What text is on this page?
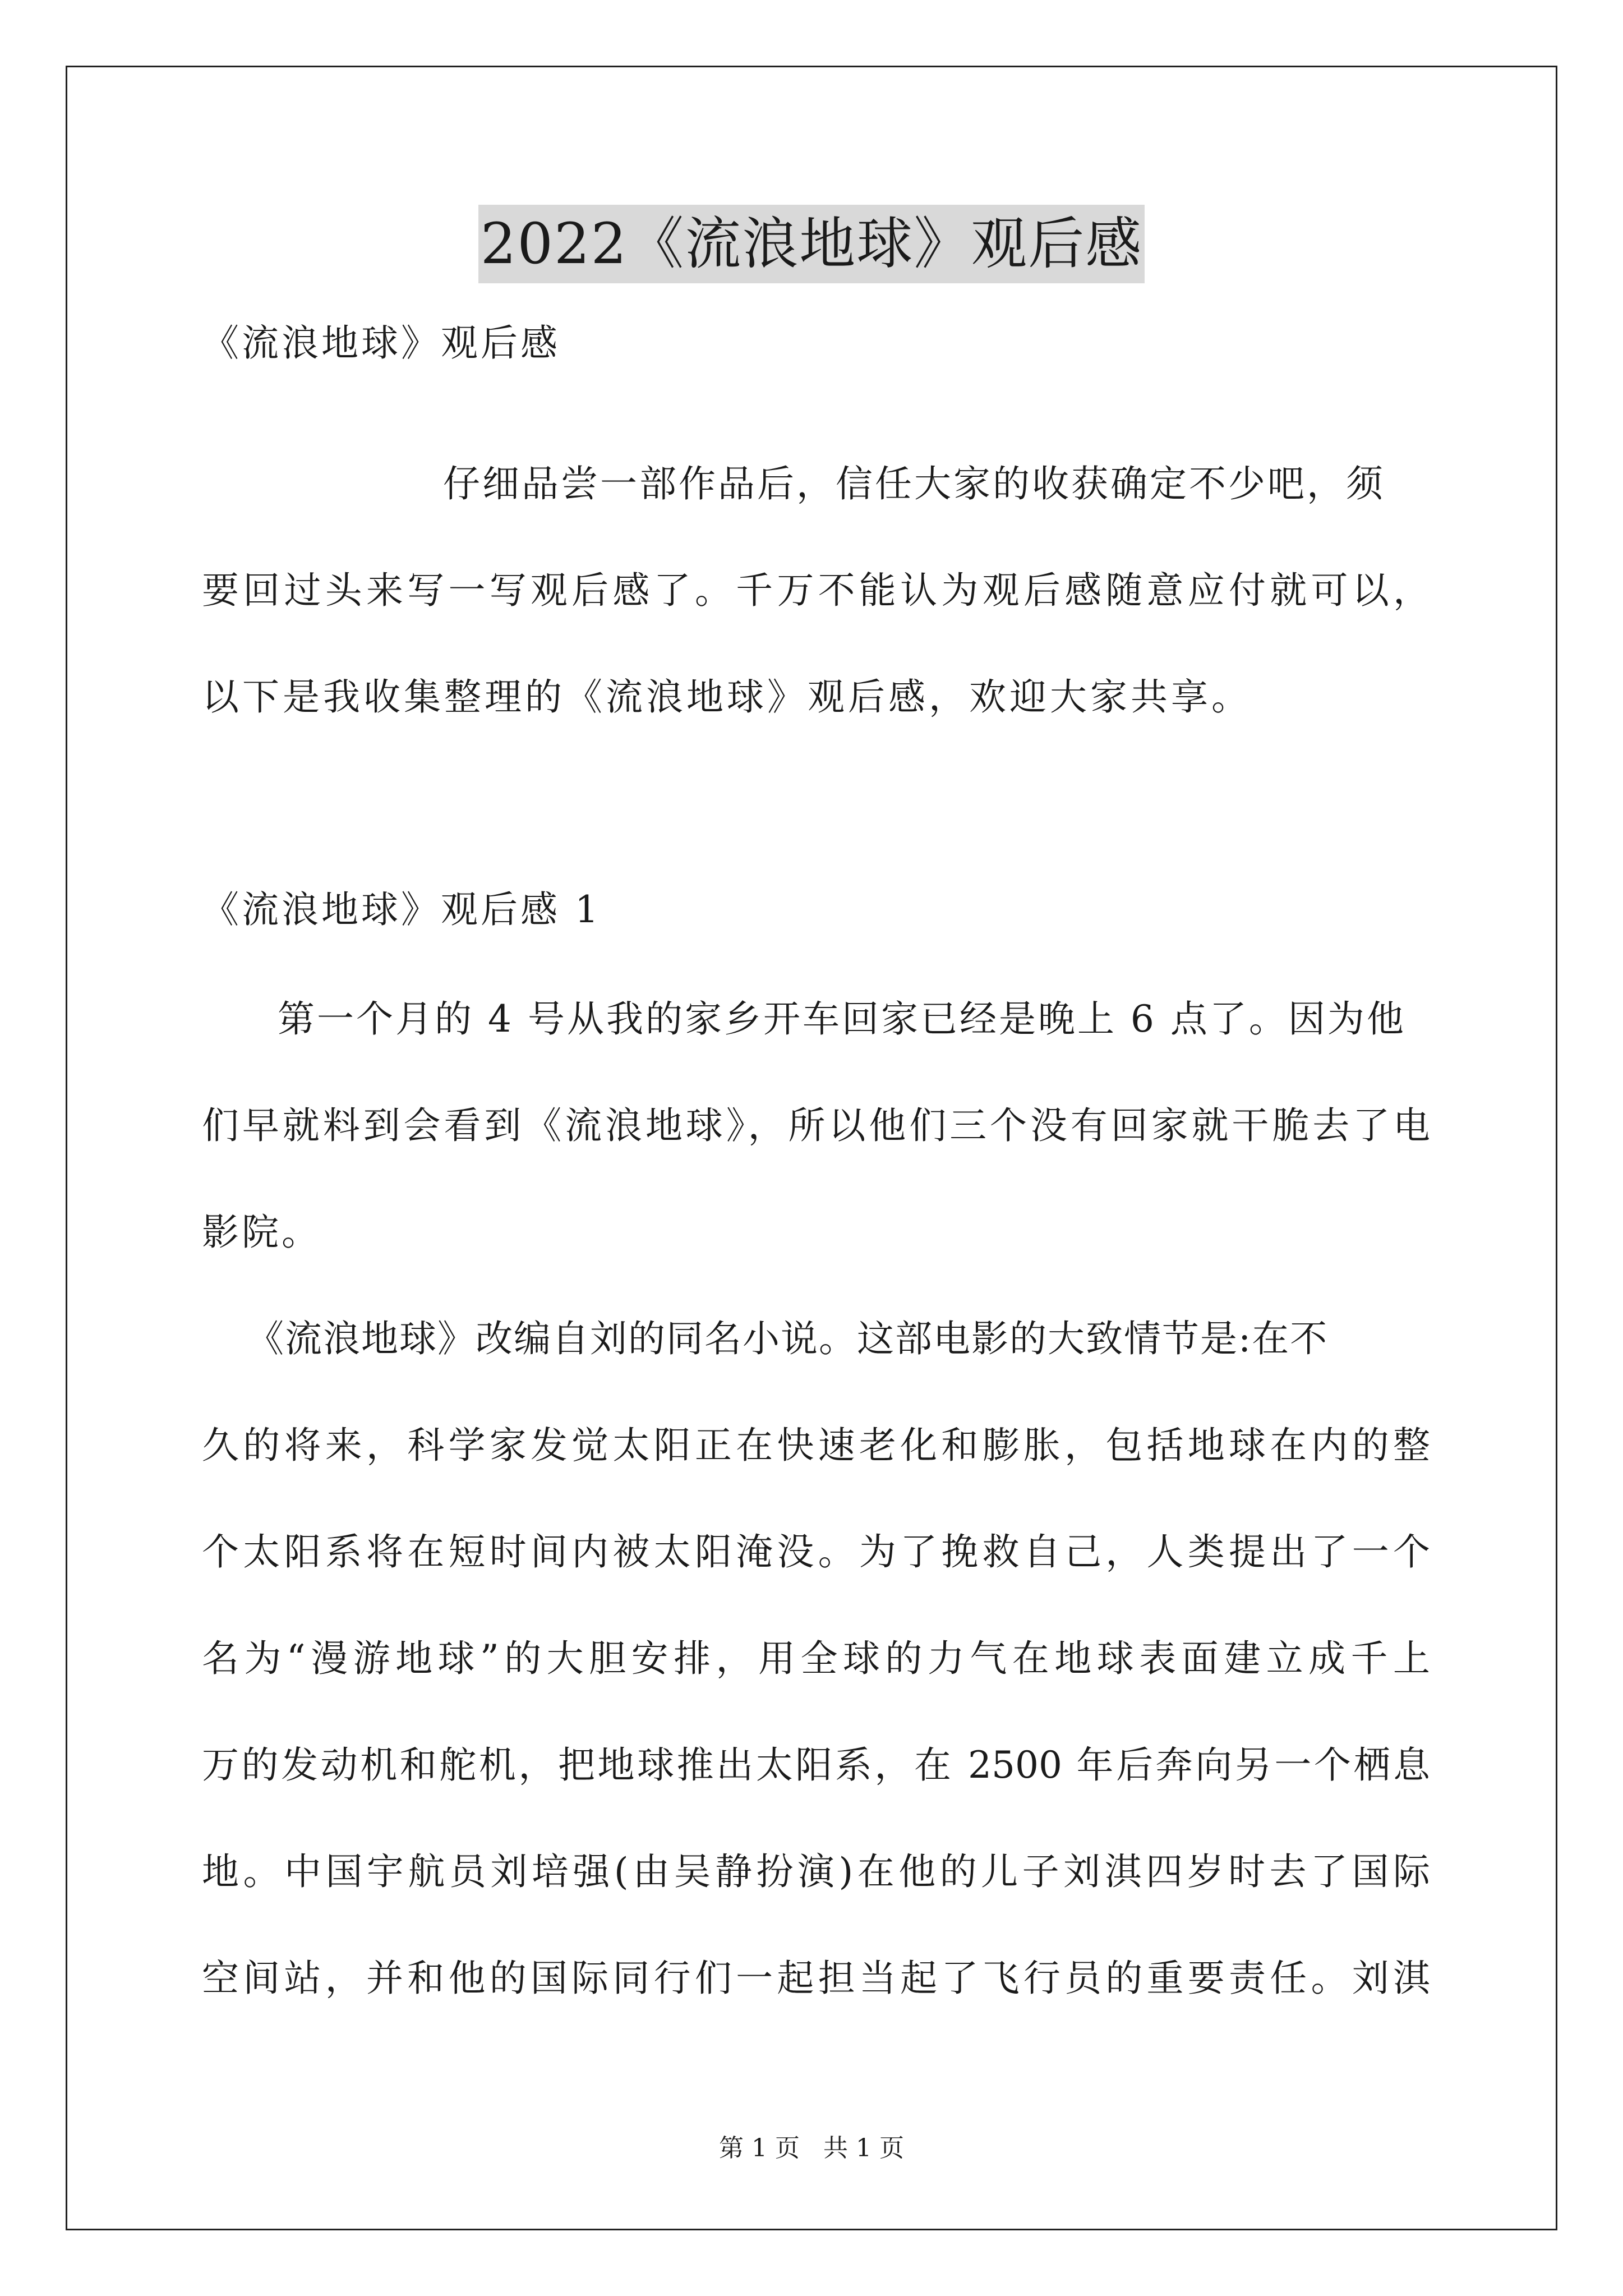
2022《流浪地球》观后感
《流浪地球》观后感
仔细品尝一部作品后，信任大家的收获确定不少吧，须
要回过头来写一写观后感了。千万不能认为观后感随意应付就可以，
以下是我收集整理的《流浪地球》观后感，欢迎大家共享。
《流浪地球》观后感 1
第一个月的 4 号从我的家乡开车回家已经是晚上 6 点了。因为他
们早就料到会看到《流浪地球》，所以他们三个没有回家就干脆去了电
影院。
《流浪地球》改编自刘的同名小说。这部电影的大致情节是:在不
久的将来，科学家发觉太阳正在快速老化和膨胀，包括地球在内的整
个太阳系将在短时间内被太阳淹没。为了挽救自己，人类提出了一个
名为“漫游地球”的大胆安排，用全球的力气在地球表面建立成千上
万的发动机和舵机，把地球推出太阳系，在 2500 年后奔向另一个栖息
地。中国宇航员刘培强(由吴静扮演)在他的儿子刘淇四岁时去了国际
空间站，并和他的国际同行们一起担当起了飞行员的重要责任。刘淇
第 1 页 共 1 页
